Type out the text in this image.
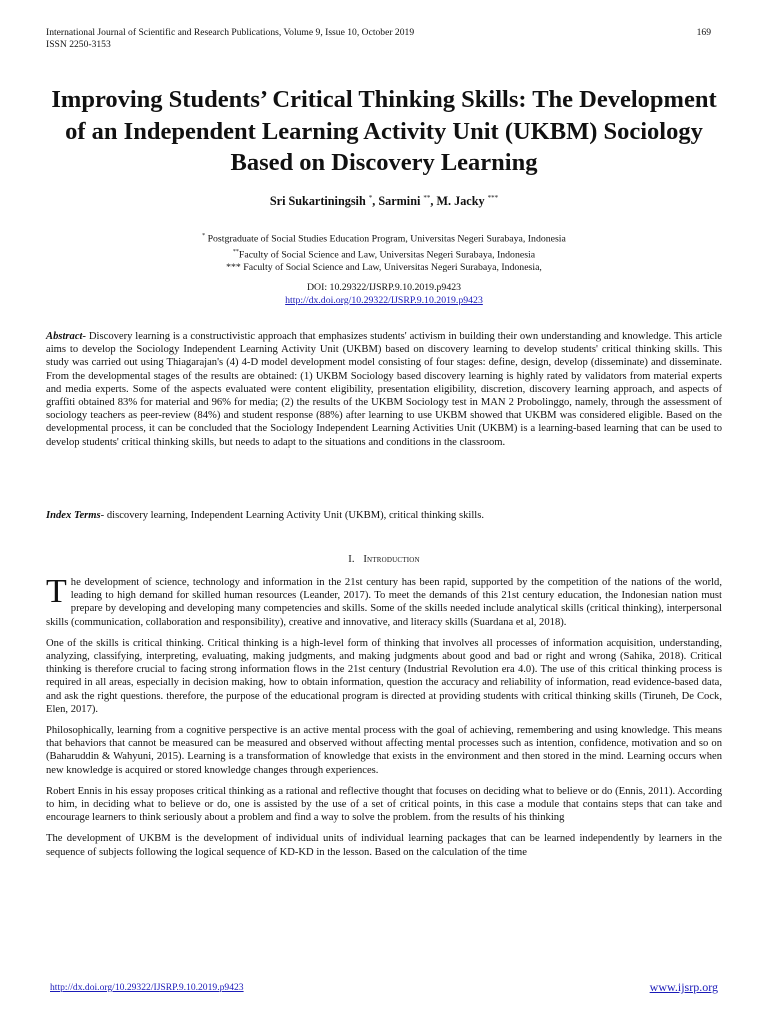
International Journal of Scientific and Research Publications, Volume 9, Issue 10, October 2019
ISSN 2250-3153
169
Improving Students’ Critical Thinking Skills: The Development of an Independent Learning Activity Unit (UKBM) Sociology Based on Discovery Learning
Sri Sukartiningsih *, Sarmini **, M. Jacky ***
* Postgraduate of Social Studies Education Program, Universitas Negeri Surabaya, Indonesia
**Faculty of Social Science and Law, Universitas Negeri Surabaya, Indonesia
*** Faculty of Social Science and Law, Universitas Negeri Surabaya, Indonesia,
DOI: 10.29322/IJSRP.9.10.2019.p9423
http://dx.doi.org/10.29322/IJSRP.9.10.2019.p9423
Abstract- Discovery learning is a constructivistic approach that emphasizes students' activism in building their own understanding and knowledge. This article aims to develop the Sociology Independent Learning Activity Unit (UKBM) based on discovery learning to develop students' critical thinking skills. This study was carried out using Thiagarajan's (4) 4-D model development model consisting of four stages: define, design, develop (disseminate) and disseminate. From the developmental stages of the results are obtained: (1) UKBM Sociology based discovery learning is highly rated by validators from material experts and media experts. Some of the aspects evaluated were content eligibility, presentation eligibility, discretion, discovery learning approach, and aspects of graffiti obtained 83% for material and 96% for media; (2) the results of the UKBM Sociology test in MAN 2 Probolinggo, namely, through the assessment of sociology teachers as peer-review (84%) and student response (88%) after learning to use UKBM showed that UKBM was considered eligible. Based on the developmental process, it can be concluded that the Sociology Independent Learning Activities Unit (UKBM) is a learning-based learning that can be used to develop students' critical thinking skills, but needs to adapt to the situations and conditions in the classroom.
Index Terms- discovery learning, Independent Learning Activity Unit (UKBM), critical thinking skills.
I. Introduction

The development of science, technology and information in the 21st century has been rapid, supported by the competition of the nations of the world, leading to high demand for skilled human resources (Leander, 2017). To meet the demands of this 21st century education, the Indonesian nation must prepare by developing and developing many competencies and skills. Some of the skills needed include analytical skills (critical thinking), interpersonal skills (communication, collaboration and responsibility), creative and innovative, and literacy skills (Suardana et al, 2018).

One of the skills is critical thinking. Critical thinking is a high-level form of thinking that involves all processes of information acquisition, understanding, analyzing, classifying, interpreting, evaluating, making judgments, and making judgments about good and bad or right and wrong (Sahika, 2018). Critical thinking is therefore crucial to facing strong information flows in the 21st century (Industrial Revolution era 4.0). The use of this critical thinking process is required in all areas, especially in decision making, how to obtain information, question the accuracy and reliability of information, read evidence-based data, and ask the right questions. therefore, the purpose of the educational program is directed at providing students with critical thinking skills (Tiruneh, De Cock, Elen, 2017).

Philosophically, learning from a cognitive perspective is an active mental process with the goal of achieving, remembering and using knowledge. This means that behaviors that cannot be measured can be measured and observed without affecting mental processes such as intention, confidence, motivation and so on (Baharuddin & Wahyuni, 2015). Learning is a transformation of knowledge that exists in the environment and then stored in the mind. Learning occurs when new knowledge is acquired or stored knowledge changes through experiences.

Robert Ennis in his essay proposes critical thinking as a rational and reflective thought that focuses on deciding what to believe or do (Ennis, 2011). According to him, in deciding what to believe or do, one is assisted by the use of a set of critical points, in this case a module that contains steps that can take and encourage learners to think seriously about a problem and find a way to solve the problem. from the results of his thinking

The development of UKBM is the development of individual units of individual learning packages that can be learned independently by learners in the sequence of subjects following the logical sequence of KD-KD in the lesson. Based on the calculation of the time

http://dx.doi.org/10.29322/IJSRP.9.10.2019.p9423	www.ijsrp.org
